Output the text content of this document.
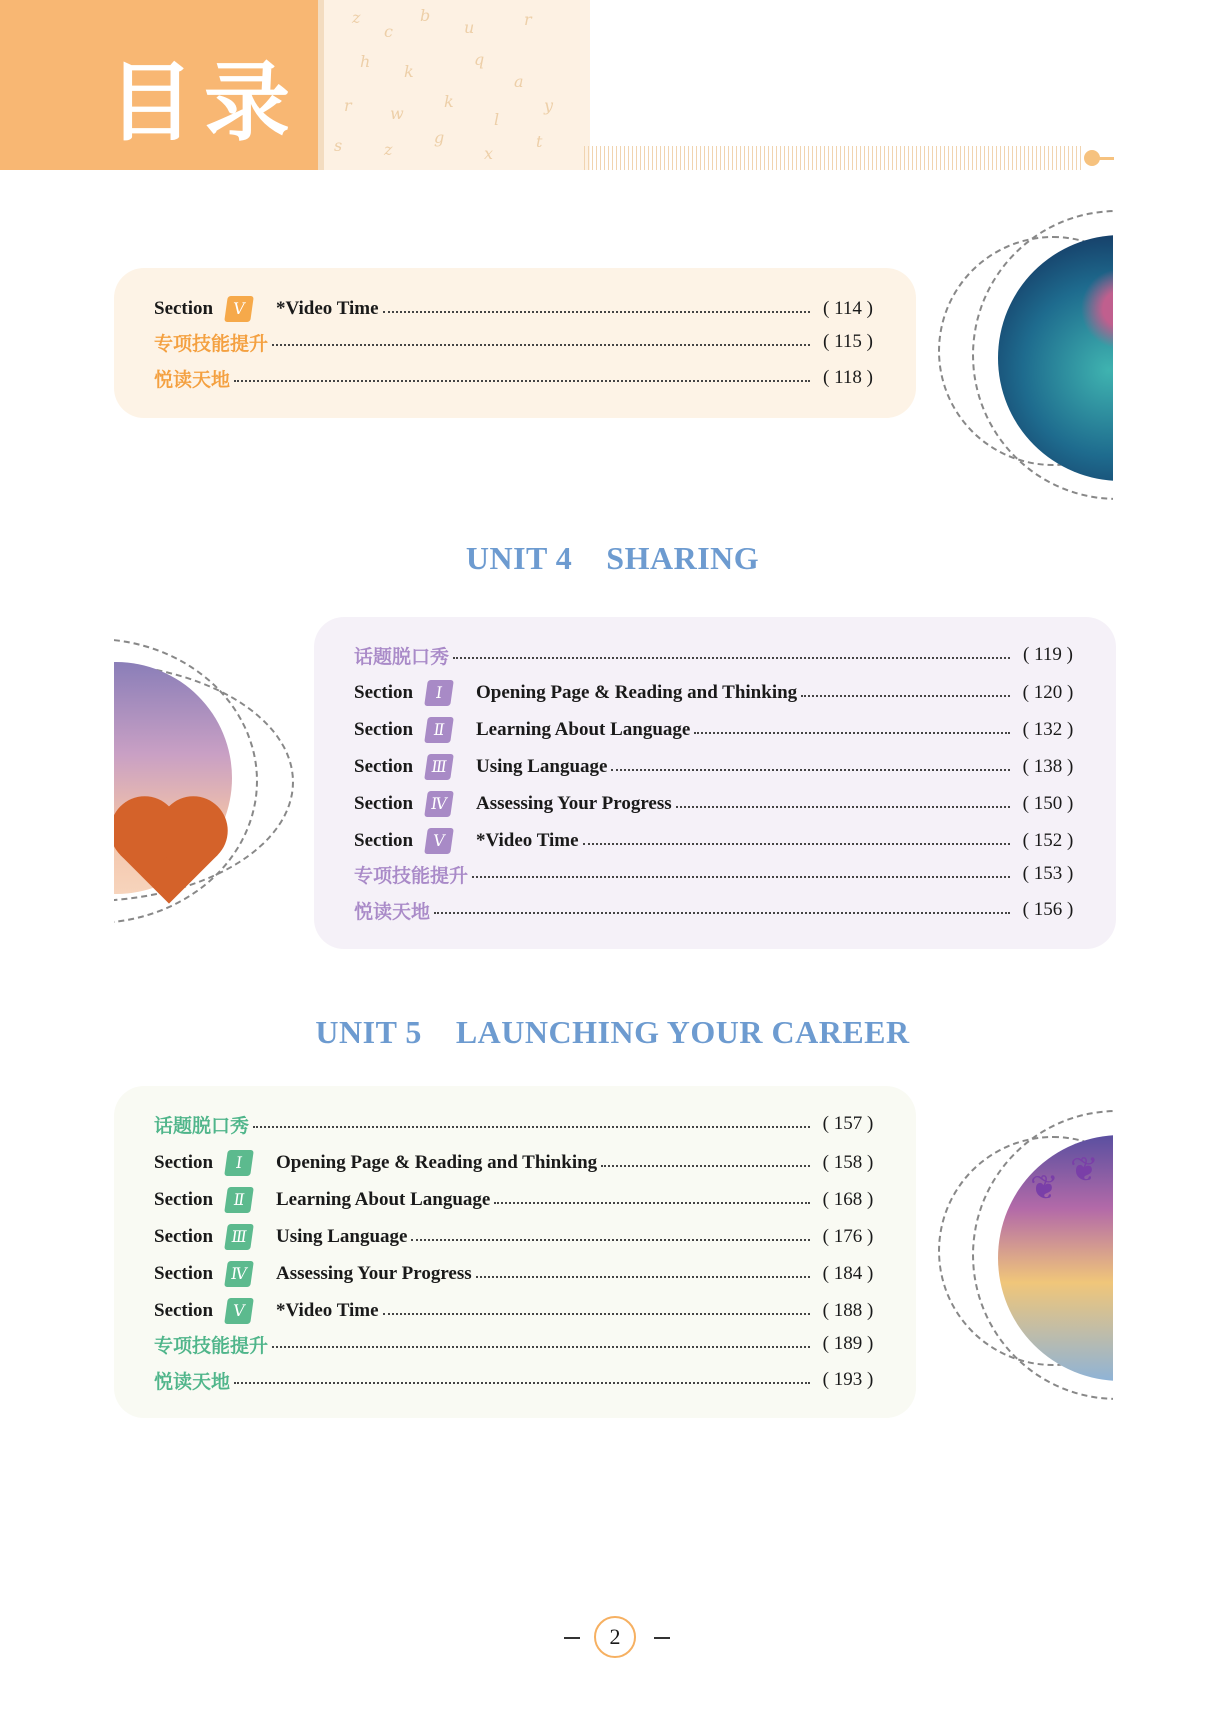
目录
z
c
b
u	r
h
k
q
a
r w
k
l
y
s	z
g
x
t
Section	Ⅴ	*Video Time	( 114 )
专项技能提升	( 115 )
悦读天地	( 118 )
UNIT 4 SHARING
话题脱口秀	( 119 )
Section	Ⅰ	Opening Page & Reading and Thinking	( 120 )
Section	Ⅱ	Learning About Language	( 132 )
Section	Ⅲ	Using Language	( 138 )
Section	Ⅳ	Assessing Your Progress	( 150 )
Section	Ⅴ	*Video Time	( 152 )
专项技能提升	( 153 )
悦读天地	( 156 )
UNIT 5 LAUNCHING YOUR CAREER
❦ ❦
话题脱口秀	( 157 )
Section	Ⅰ	Opening Page & Reading and Thinking	( 158 )
Section	Ⅱ	Learning About Language	( 168 )
Section	Ⅲ	Using Language	( 176 )
Section	Ⅳ	Assessing Your Progress	( 184 )
Section	Ⅴ	*Video Time	( 188 )
专项技能提升	( 189 )
悦读天地	( 193 )
2
